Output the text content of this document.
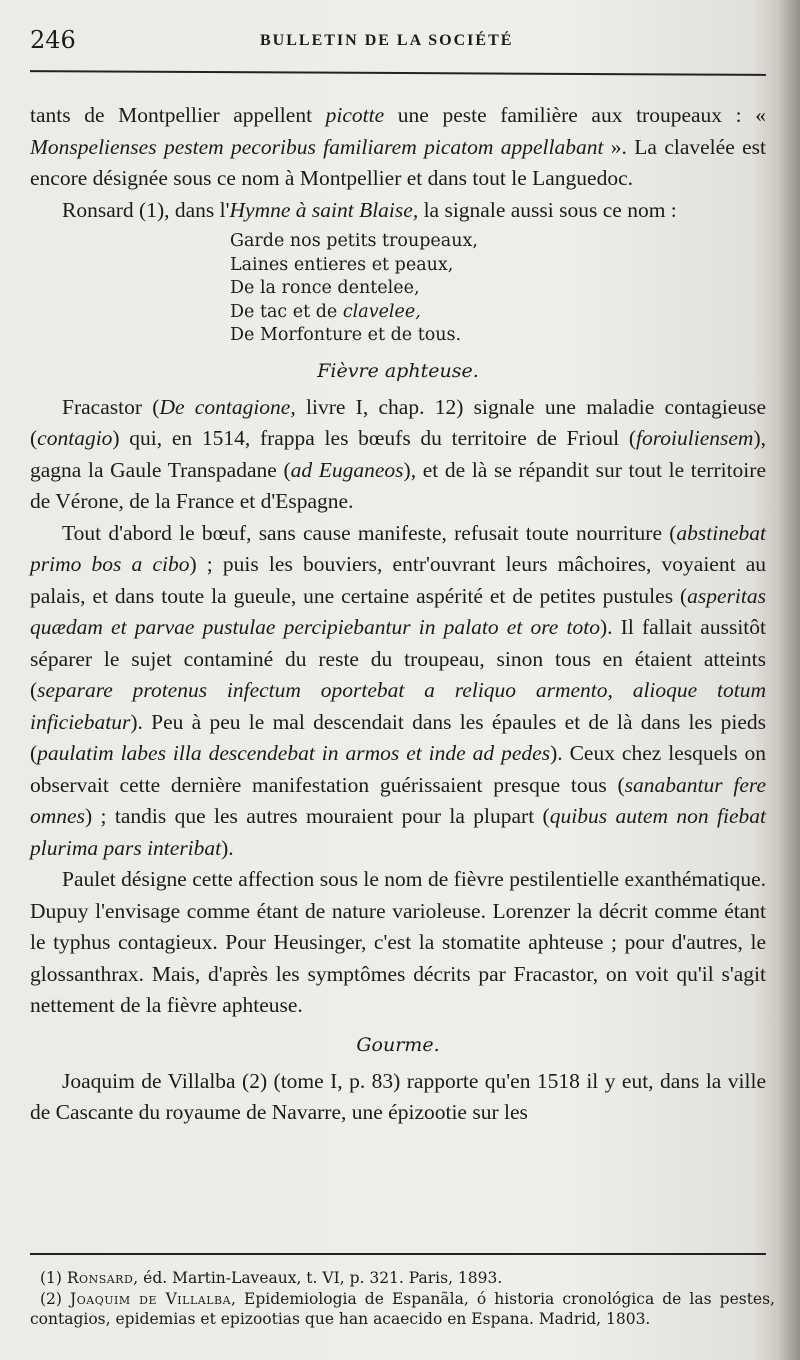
246	BULLETIN DE LA SOCIÉTÉ

tants de Montpellier appellent picotte une peste familière aux troupeaux : « Monspelienses pestem pecoribus familiarem picatom appellabant ». La clavelée est encore désignée sous ce nom à Montpellier et dans tout le Languedoc.

Ronsard (1), dans l'Hymne à saint Blaise, la signale aussi sous ce nom :

Garde nos petits troupeaux,
Laines entieres et peaux,
De la ronce dentelee,
De tac et de clavelee,
De Morfonture et de tous.
Fièvre aphteuse.

Fracastor (De contagione, livre I, chap. 12) signale une maladie contagieuse (contagio) qui, en 1514, frappa les bœufs du territoire de Frioul (foroiuliensem), gagna la Gaule Transpadane (ad Euganeos), et de là se répandit sur tout le territoire de Vérone, de la France et d'Espagne.

Tout d'abord le bœuf, sans cause manifeste, refusait toute nourriture (abstinebat primo bos a cibo) ; puis les bouviers, entr'ouvrant leurs mâchoires, voyaient au palais, et dans toute la gueule, une certaine aspérité et de petites pustules (asperitas quædam et parvae pustulae percipiebantur in palato et ore toto). Il fallait aussitôt séparer le sujet contaminé du reste du troupeau, sinon tous en étaient atteints (separare protenus infectum oportebat a reliquo armento, alioque totum inficiebatur). Peu à peu le mal descendait dans les épaules et de là dans les pieds (paulatim labes illa descendebat in armos et inde ad pedes). Ceux chez lesquels on observait cette dernière manifestation guérissaient presque tous (sanabantur fere omnes) ; tandis que les autres mouraient pour la plupart (quibus autem non fiebat plurima pars interibat).

Paulet désigne cette affection sous le nom de fièvre pestilentielle exanthématique. Dupuy l'envisage comme étant de nature varioleuse. Lorenzer la décrit comme étant le typhus contagieux. Pour Heusinger, c'est la stomatite aphteuse ; pour d'autres, le glossanthrax. Mais, d'après les symptômes décrits par Fracastor, on voit qu'il s'agit nettement de la fièvre aphteuse.

Gourme.

Joaquim de Villalba (2) (tome I, p. 83) rapporte qu'en 1518 il y eut, dans la ville de Cascante du royaume de Navarre, une épizootie sur les

(1) Ronsard, éd. Martin-Laveaux, t. VI, p. 321. Paris, 1893.

(2) Joaquim de Villalba, Epidemiologia de Espanãla, ó historia cronológica de las pestes, contagios, epidemias et epizootias que han acaecido en Espana. Madrid, 1803.
